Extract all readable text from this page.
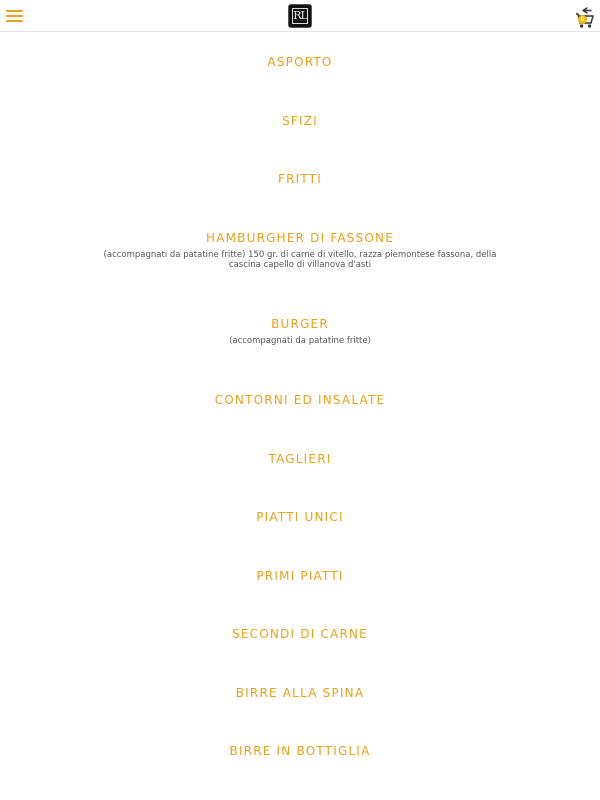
RL	0
ASPORTO
SFIZI
FRITTI
HAMBURGHER DI FASSONE
(accompagnati da patatine fritte) 150 gr. di carne di vitello, razza piemontese fassona, della cascina capello di villanova d'asti
BURGER
(accompagnati da patatine fritte)
CONTORNI ED INSALATE
TAGLIERI
PIATTI UNICI
PRIMI PIATTI
SECONDI DI CARNE
BIRRE ALLA SPINA
BIRRE IN BOTTIGLIA
